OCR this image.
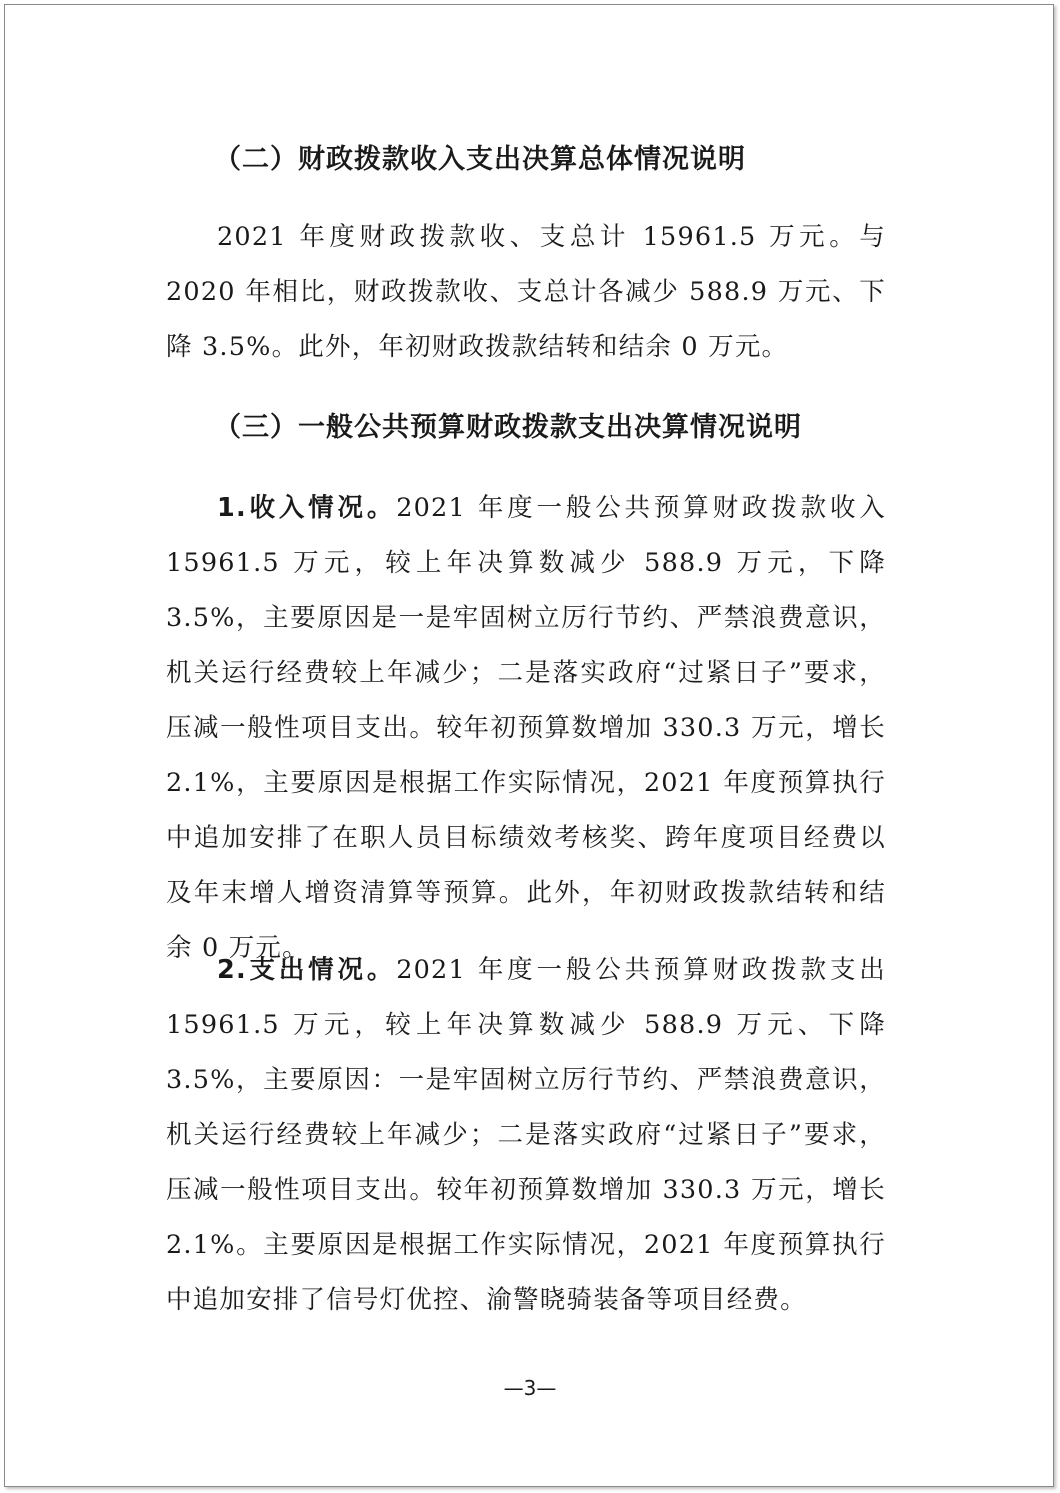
（二）财政拨款收入支出决算总体情况说明

2021 年度财政拨款收、支总计 15961.5 万元。与 2020 年相比，财政拨款收、支总计各减少 588.9 万元、下降 3.5%。此外，年初财政拨款结转和结余 0 万元。

（三）一般公共预算财政拨款支出决算情况说明

1.收入情况。2021 年度一般公共预算财政拨款收入 15961.5 万元，较上年决算数减少 588.9 万元，下降 3.5%，主要原因是一是牢固树立厉行节约、严禁浪费意识，机关运行经费较上年减少；二是落实政府“过紧日子”要求，压减一般性项目支出。较年初预算数增加 330.3 万元，增长 2.1%，主要原因是根据工作实际情况，2021 年度预算执行中追加安排了在职人员目标绩效考核奖、跨年度项目经费以及年末增人增资清算等预算。此外，年初财政拨款结转和结余 0 万元。

2.支出情况。2021 年度一般公共预算财政拨款支出 15961.5 万元，较上年决算数减少 588.9 万元、下降 3.5%，主要原因：一是牢固树立厉行节约、严禁浪费意识，机关运行经费较上年减少；二是落实政府“过紧日子”要求，压减一般性项目支出。较年初预算数增加 330.3 万元，增长 2.1%。主要原因是根据工作实际情况，2021 年度预算执行中追加安排了信号灯优控、渝警晓骑装备等项目经费。

—3—
